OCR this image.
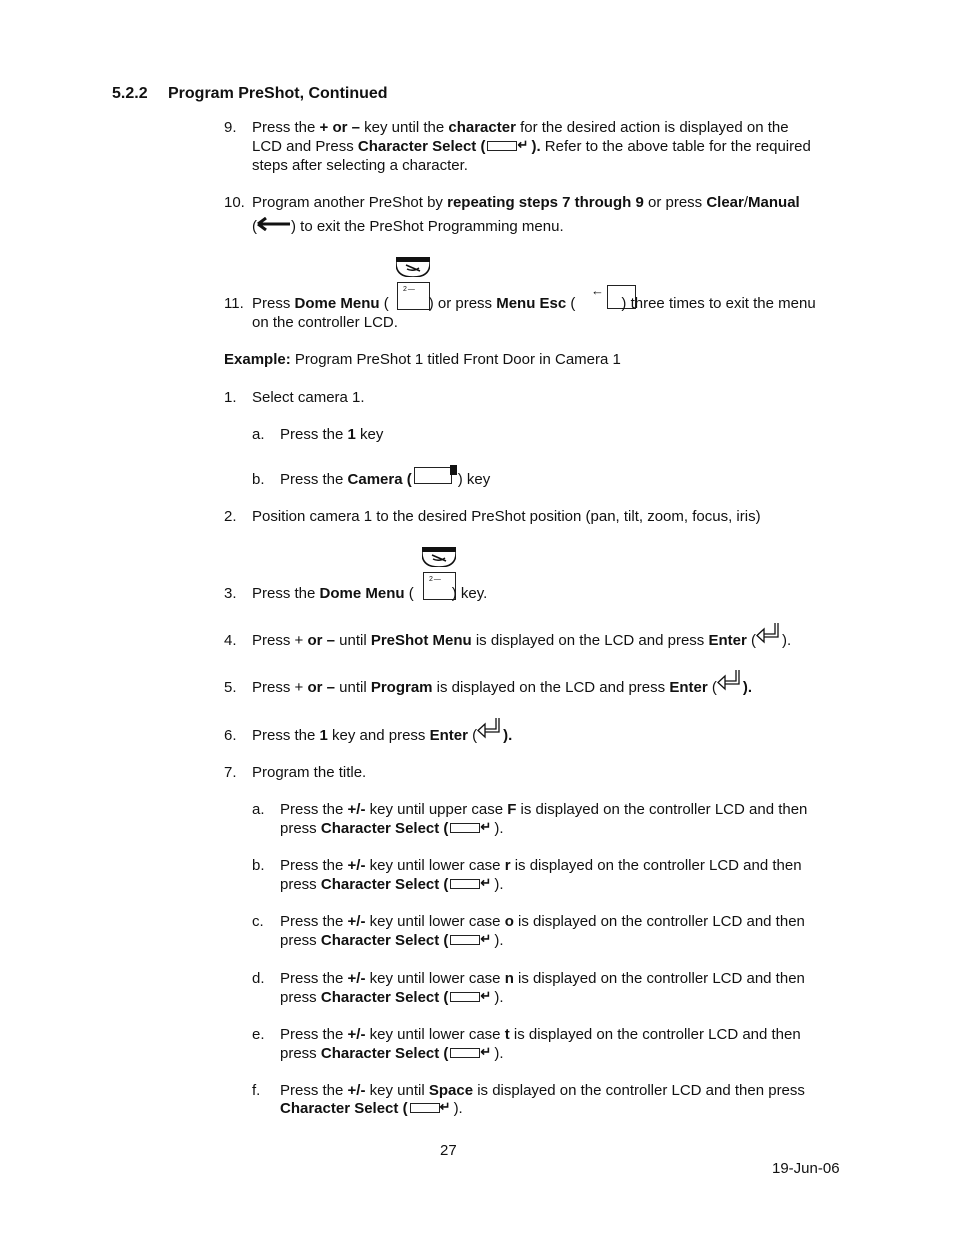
5.2.2 Program PreShot, Continued
9. Press the + or – key until the character for the desired action is displayed on the
LCD and Press Character Select ( ↵ ). Refer to the above table for the required
steps after selecting a character.
10. Program another PreShot by repeating steps 7 through 9 or press Clear/Manual
( ) to exit the PreShot Programming menu.
2—	←
11. Press Dome Menu (	) or press Menu Esc (	) three times to exit the menu
on the controller LCD.
Example: Program PreShot 1 titled Front Door in Camera 1
1. Select camera 1.
a. Press the 1 key
b. Press the Camera (	) key
2. Position camera 1 to the desired PreShot position (pan, tilt, zoom, focus, iris)
2—
3. Press the Dome Menu (	) key.
4. Press + or – until PreShot Menu is displayed on the LCD and press Enter ( ).
5. Press + or – until Program is displayed on the LCD and press Enter ( ).
6. Press the 1 key and press Enter ( ).
7. Program the title.
a. Press the +/- key until upper case F is displayed on the controller LCD and then
press Character Select ( ↵ ).
b. Press the +/- key until lower case r is displayed on the controller LCD and then
press Character Select ( ↵ ).
c. Press the +/- key until lower case o is displayed on the controller LCD and then
press Character Select ( ↵ ).
d. Press the +/- key until lower case n is displayed on the controller LCD and then
press Character Select ( ↵ ).
e. Press the +/- key until lower case t is displayed on the controller LCD and then
press Character Select ( ↵ ).
f. Press the +/- key until Space is displayed on the controller LCD and then press
Character Select ( ↵ ).
27
19-Jun-06
